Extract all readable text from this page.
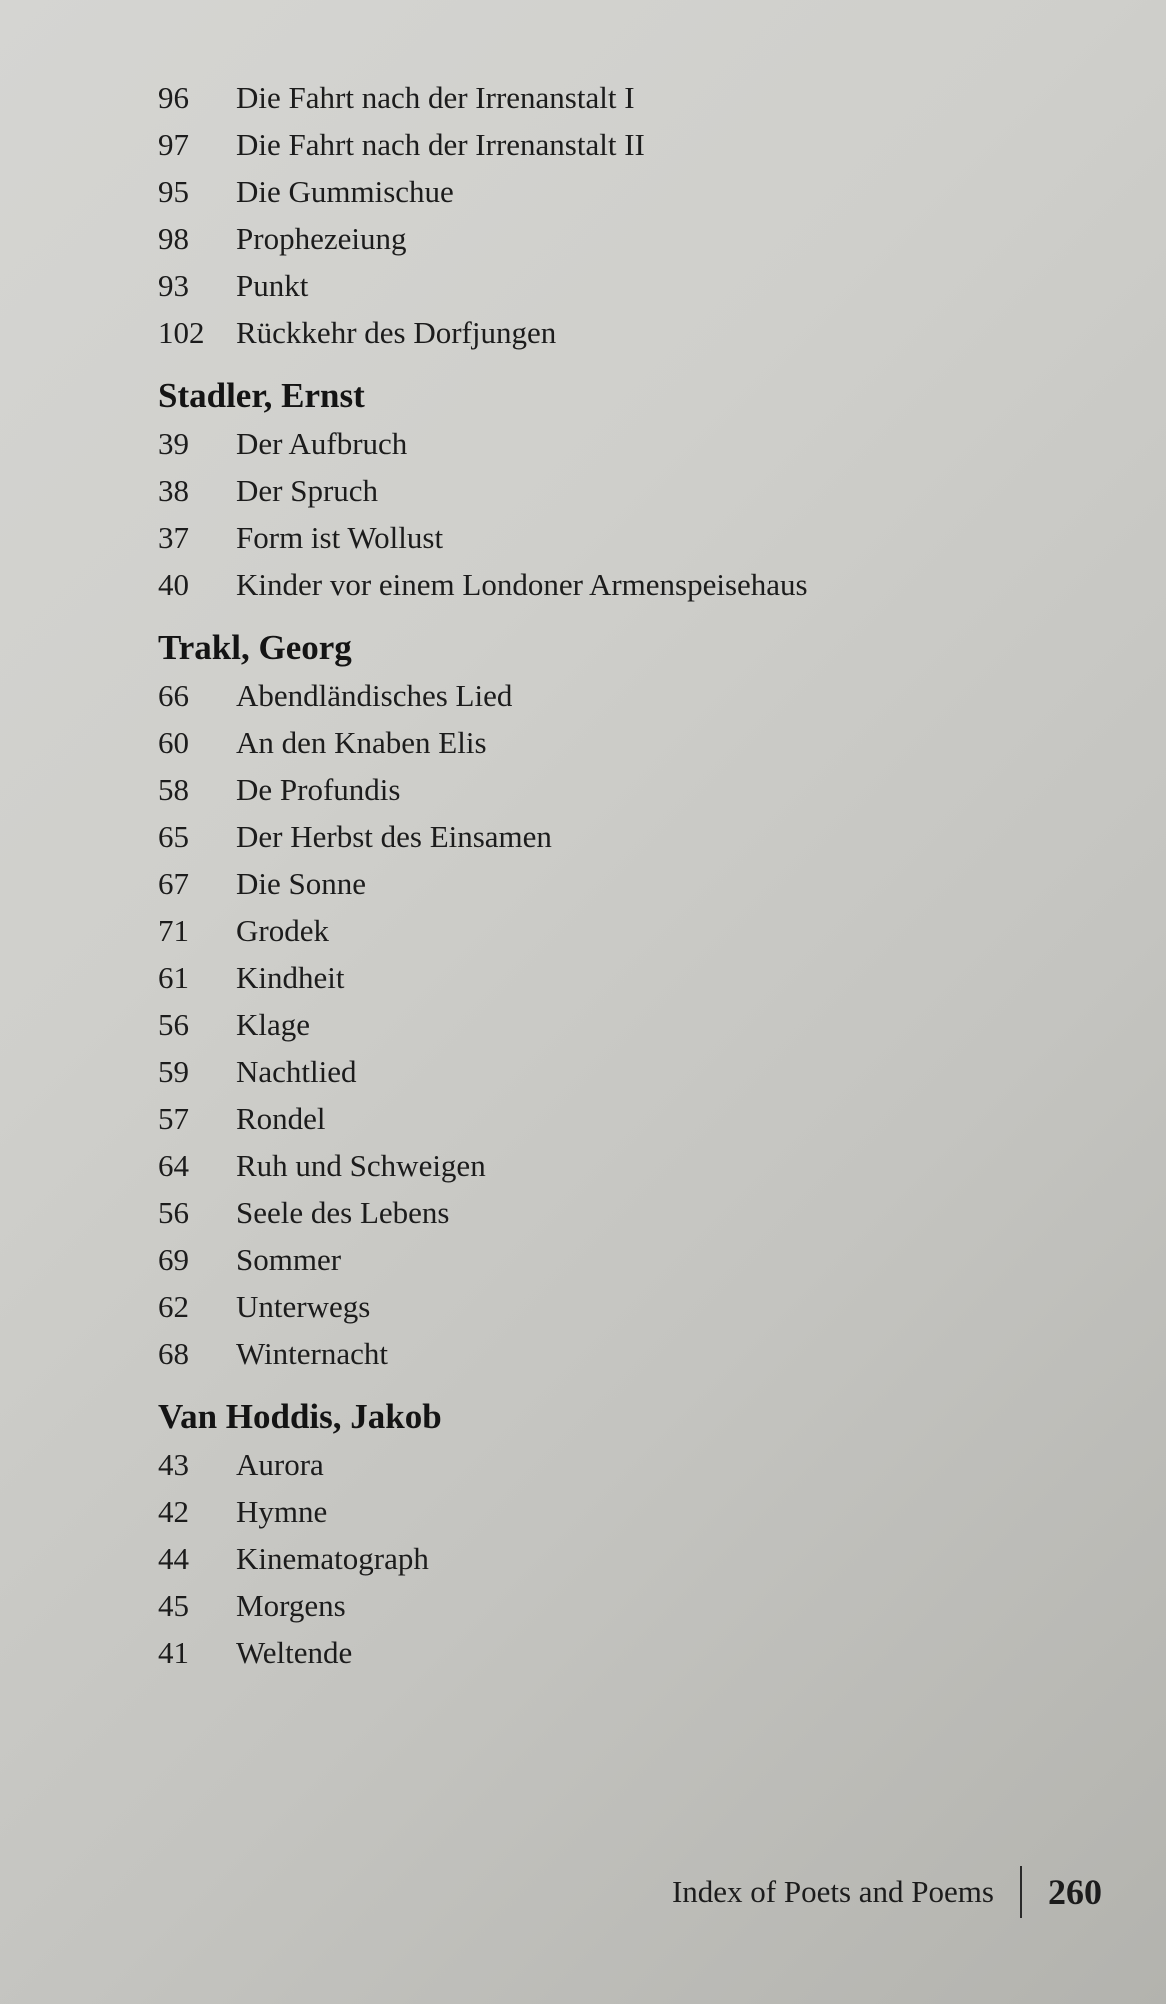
96	Die Fahrt nach der Irrenanstalt I
97	Die Fahrt nach der Irrenanstalt II
95	Die Gummischue
98	Prophezeiung
93	Punkt
102	Rückkehr des Dorfjungen
Stadler, Ernst
39	Der Aufbruch
38	Der Spruch
37	Form ist Wollust
40	Kinder vor einem Londoner Armenspeisehaus
Trakl, Georg
66	Abendländisches Lied
60	An den Knaben Elis
58	De Profundis
65	Der Herbst des Einsamen
67	Die Sonne
71	Grodek
61	Kindheit
56	Klage
59	Nachtlied
57	Rondel
64	Ruh und Schweigen
56	Seele des Lebens
69	Sommer
62	Unterwegs
68	Winternacht
Van Hoddis, Jakob
43	Aurora
42	Hymne
44	Kinematograph
45	Morgens
41	Weltende
Index of Poets and Poems	260
